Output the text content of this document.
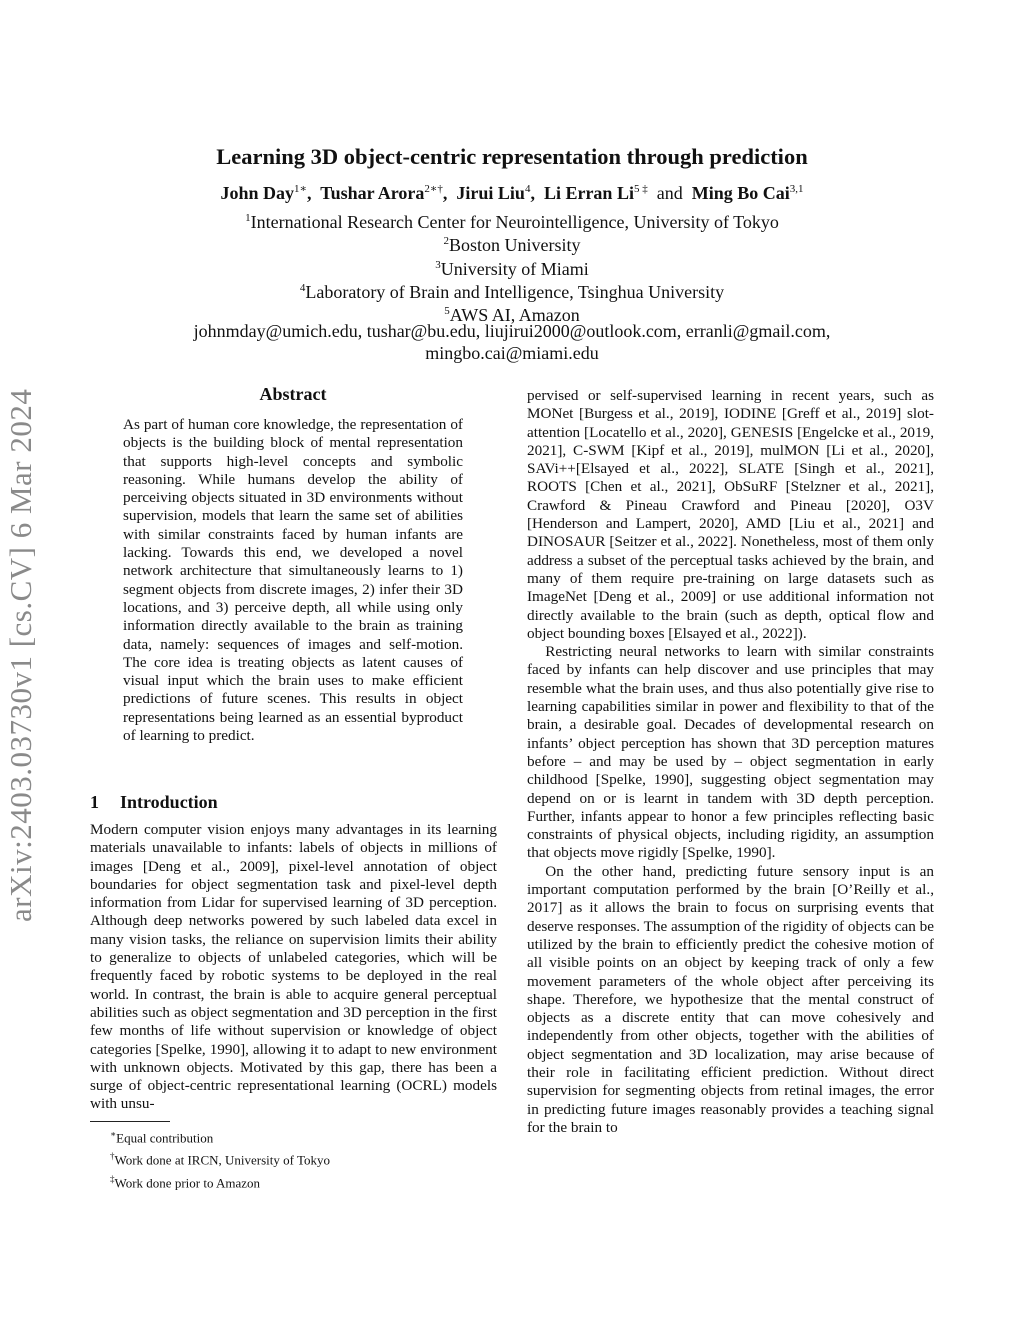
arXiv:2403.03730v1 [cs.CV] 6 Mar 2024
Learning 3D object-centric representation through prediction
John Day$^{1∗}$,  Tushar Arora$^{2∗\dagger}$,  Jirui Liu$^4$,  Li Erran $Li^{5 \ddagger}$ and Ming Bo Cai$^{3,1}$
$^1$International Research Center for Neurointelligence, University of Tokyo
$^2$Boston University
$^3$University of Miami
$^4$Laboratory of Brain and Intelligence, Tsinghua University
$^5$AWS AI, Amazon
johnmday@umich.edu, tushar@bu.edu, liujirui2000@outlook.com, erranli@gmail.com,
mingbo.cai@miami.edu
Abstract

As part of human core knowledge, the representation of objects is the building block of mental representation that supports high-level concepts and symbolic reasoning. While humans develop the ability of perceiving objects situated in 3D environments without supervision, models that learn the same set of abilities with similar constraints faced by human infants are lacking. Towards this end, we developed a novel network architecture that simultaneously learns to 1) segment objects from discrete images, 2) infer their 3D locations, and 3) perceive depth, all while using only information directly available to the brain as training data, namely: sequences of images and self-motion. The core idea is treating objects as latent causes of visual input which the brain uses to make efficient predictions of future scenes. This results in object representations being learned as an essential byproduct of learning to predict.

1 Introduction

Modern computer vision enjoys many advantages in its learning materials unavailable to infants: labels of objects in millions of images [Deng et al., 2009], pixel-level annotation of object boundaries for object segmentation task and pixel-level depth information from Lidar for supervised learning of 3D perception. Although deep networks powered by such labeled data excel in many vision tasks, the reliance on supervision limits their ability to generalize to objects of unlabeled categories, which will be frequently faced by robotic systems to be deployed in the real world. In contrast, the brain is able to acquire general perceptual abilities such as object segmentation and 3D perception in the first few months of life without supervision or knowledge of object categories [Spelke, 1990], allowing it to adapt to new environment with unknown objects. Motivated by this gap, there has been a surge of object-centric representational learning (OCRL) models with unsu-

pervised or self-supervised learning in recent years, such as MONet [Burgess et al., 2019], IODINE [Greff et al., 2019] slot-attention [Locatello et al., 2020], GENESIS [Engelcke et al., 2019, 2021], C-SWM [Kipf et al., 2019], mulMON [Li et al., 2020], SAVi++[Elsayed et al., 2022], SLATE [Singh et al., 2021], ROOTS [Chen et al., 2021], ObSuRF [Stelzner et al., 2021], Crawford & Pineau Crawford and Pineau [2020], O3V [Henderson and Lampert, 2020], AMD [Liu et al., 2021] and DINOSAUR [Seitzer et al., 2022]. Nonetheless, most of them only address a subset of the perceptual tasks achieved by the brain, and many of them require pre-training on large datasets such as ImageNet [Deng et al., 2009] or use additional information not directly available to the brain (such as depth, optical flow and object bounding boxes [Elsayed et al., 2022]).

Restricting neural networks to learn with similar constraints faced by infants can help discover and use principles that may resemble what the brain uses, and thus also potentially give rise to learning capabilities similar in power and flexibility to that of the brain, a desirable goal. Decades of developmental research on infants’ object perception has shown that 3D perception matures before – and may be used by – object segmentation in early childhood [Spelke, 1990], suggesting object segmentation may depend on or is learnt in tandem with 3D depth perception. Further, infants appear to honor a few principles reflecting basic constraints of physical objects, including rigidity, an assumption that objects move rigidly [Spelke, 1990].

On the other hand, predicting future sensory input is an important computation performed by the brain [O’Reilly et al., 2017] as it allows the brain to focus on surprising events that deserve responses. The assumption of the rigidity of objects can be utilized by the brain to efficiently predict the cohesive motion of all visible points on an object by keeping track of only a few movement parameters of the whole object after perceiving its shape. Therefore, we hypothesize that the mental construct of objects as a discrete entity that can move cohesively and independently from other objects, together with the abilities of object segmentation and 3D localization, may arise because of their role in facilitating efficient prediction. Without direct supervision for segmenting objects from retinal images, the error in predicting future images reasonably provides a teaching signal for the brain to

∗Equal contribution
†Work done at IRCN, University of Tokyo
‡Work done prior to Amazon
